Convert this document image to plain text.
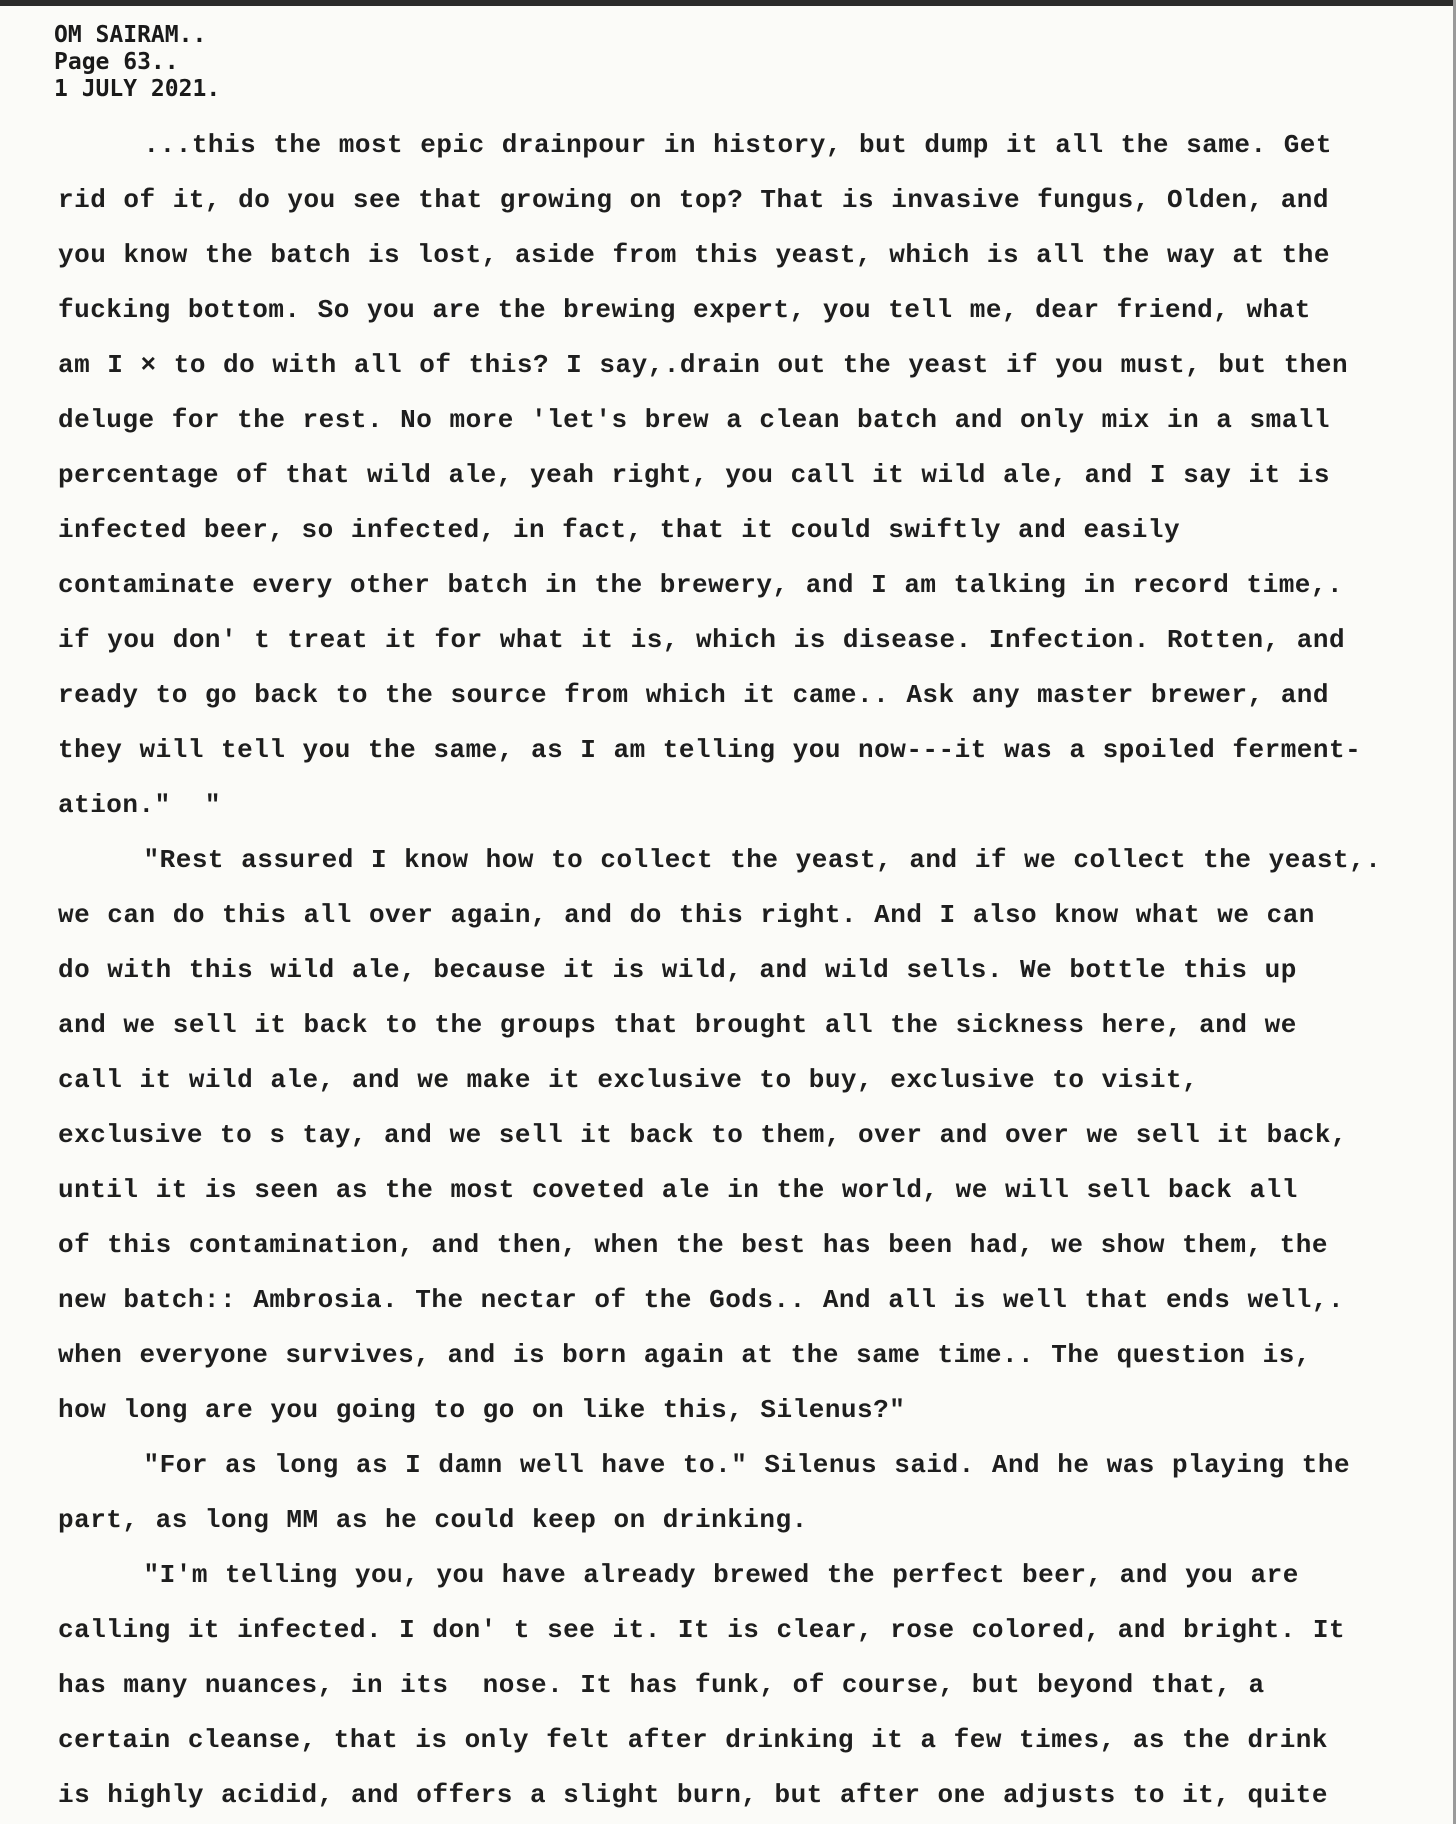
OM SAIRAM..
Page 63..
1 JULY 2021.
...this the most epic drainpour in history, but dump it all the same. Get
rid of it, do you see that growing on top? That is invasive fungus, Olden, and
you know the batch is lost, aside from this yeast, which is all the way at the
fucking bottom. So you are the brewing expert, you tell me, dear friend, what
am I × to do with all of this? I say,.drain out the yeast if you must, but then
deluge for the rest. No more 'let's brew a clean batch and only mix in a small
percentage of that wild ale, yeah right, you call it wild ale, and I say it is
infected beer, so infected, in fact, that it could swiftly and easily
contaminate every other batch in the brewery, and I am talking in record time,.
if you don' t treat it for what it is, which is disease. Infection. Rotten, and
ready to go back to the source from which it came.. Ask any master brewer, and
they will tell you the same, as I am telling you now---it was a spoiled ferment-
ation."  "
"Rest assured I know how to collect the yeast, and if we collect the yeast,.
we can do this all over again, and do this right. And I also know what we can
do with this wild ale, because it is wild, and wild sells. We bottle this up
and we sell it back to the groups that brought all the sickness here, and we
call it wild ale, and we make it exclusive to buy, exclusive to visit,
exclusive to s tay, and we sell it back to them, over and over we sell it back,
until it is seen as the most coveted ale in the world, we will sell back all
of this contamination, and then, when the best has been had, we show them, the
new batch:: Ambrosia. The nectar of the Gods.. And all is well that ends well,.
when everyone survives, and is born again at the same time.. The question is,
how long are you going to go on like this, Silenus?"
"For as long as I damn well have to." Silenus said. And he was playing the
part, as long MM as he could keep on drinking.
"I'm telling you, you have already brewed the perfect beer, and you are
calling it infected. I don' t see it. It is clear, rose colored, and bright. It
has many nuances, in its  nose. It has funk, of course, but beyond that, a
certain cleanse, that is only felt after drinking it a few times, as the drink
is highly acidid, and offers a slight burn, but after one adjusts to it, quite
